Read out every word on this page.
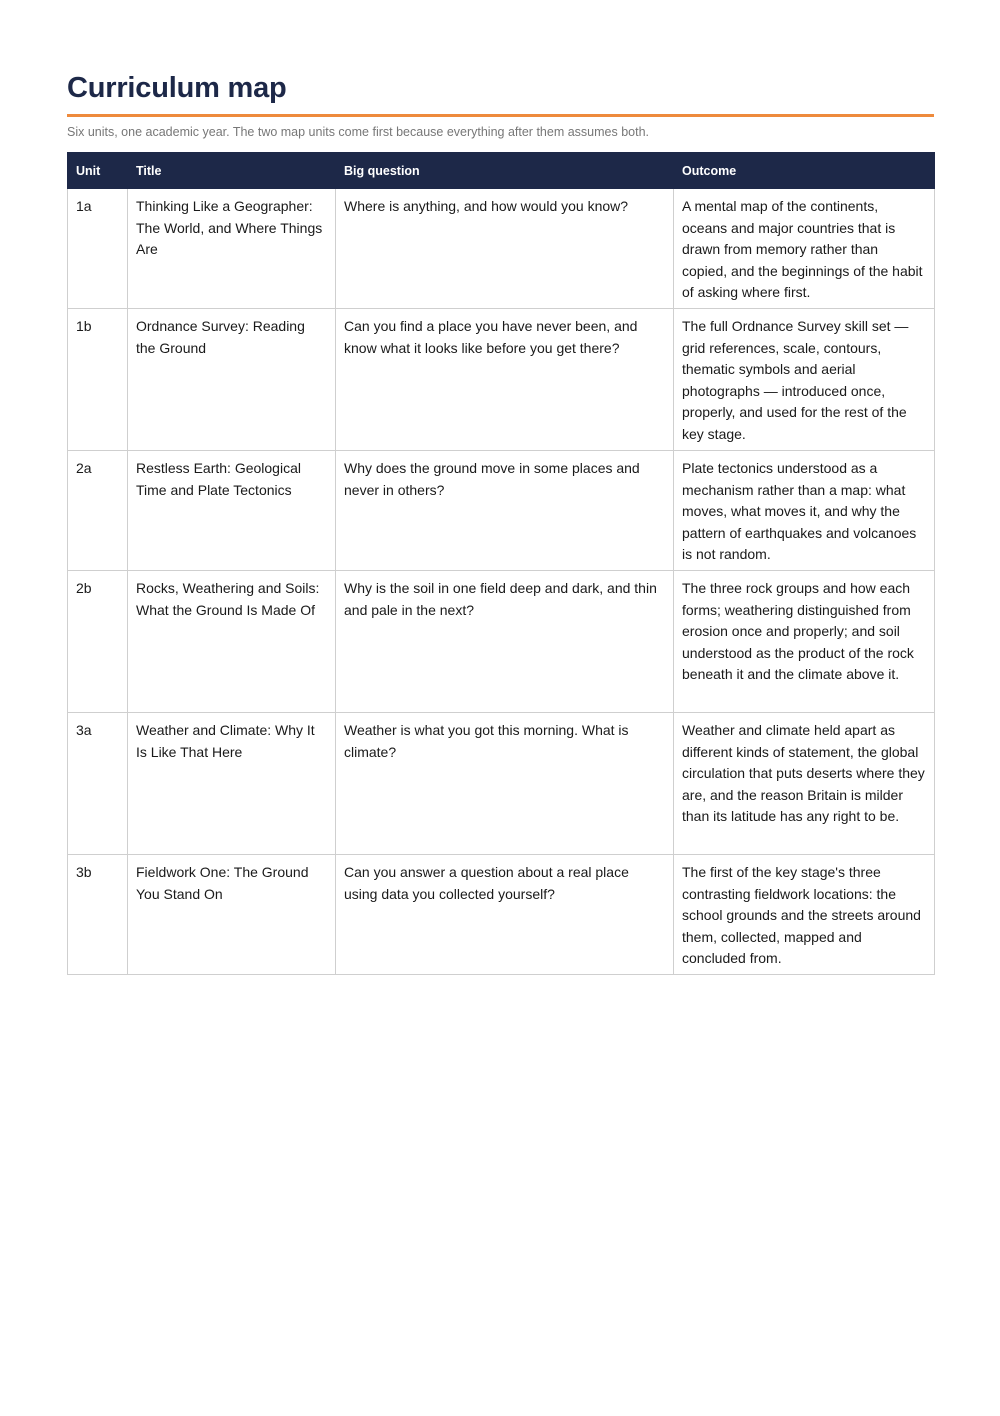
Curriculum map
Six units, one academic year. The two map units come first because everything after them assumes both.
Unit	Title	Big question	Outcome
1a	Thinking Like a Geographer: The World, and Where Things Are	Where is anything, and how would you know?	A mental map of the continents, oceans and major countries that is drawn from memory rather than copied, and the beginnings of the habit of asking where first.
1b	Ordnance Survey: Reading the Ground	Can you find a place you have never been, and know what it looks like before you get there?	The full Ordnance Survey skill set — grid references, scale, contours, thematic symbols and aerial photographs — introduced once, properly, and used for the rest of the key stage.
2a	Restless Earth: Geological Time and Plate Tectonics	Why does the ground move in some places and never in others?	Plate tectonics understood as a mechanism rather than a map: what moves, what moves it, and why the pattern of earthquakes and volcanoes is not random.
2b	Rocks, Weathering and Soils: What the Ground Is Made Of	Why is the soil in one field deep and dark, and thin and pale in the next?	The three rock groups and how each forms; weathering distinguished from erosion once and properly; and soil understood as the product of the rock beneath it and the climate above it.
3a	Weather and Climate: Why It Is Like That Here	Weather is what you got this morning. What is climate?	Weather and climate held apart as different kinds of statement, the global circulation that puts deserts where they are, and the reason Britain is milder than its latitude has any right to be.
3b	Fieldwork One: The Ground You Stand On	Can you answer a question about a real place using data you collected yourself?	The first of the key stage's three contrasting fieldwork locations: the school grounds and the streets around them, collected, mapped and concluded from.
